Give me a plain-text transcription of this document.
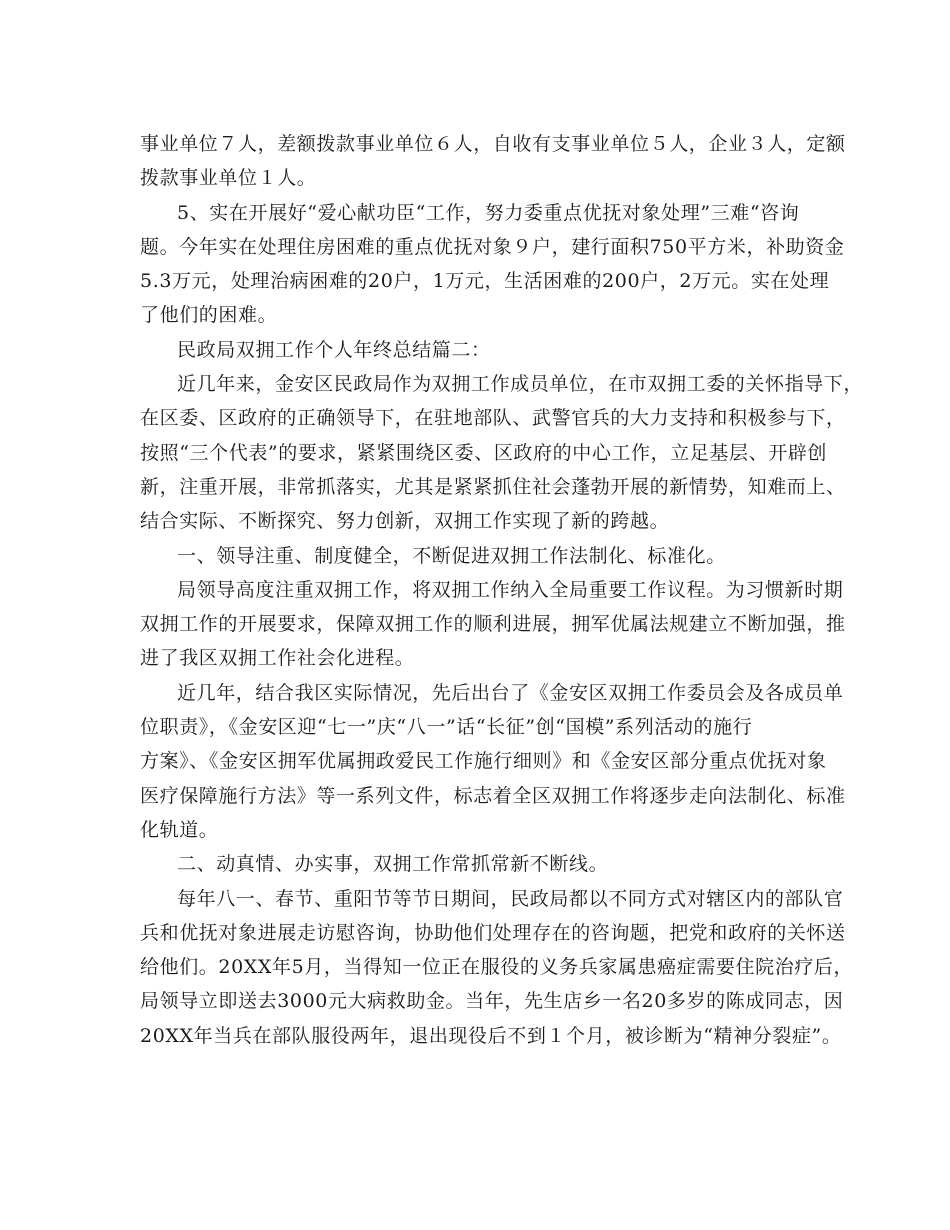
事业单位７人，差额拨款事业单位６人，自收有支事业单位５人，企业３人，定额
拨款事业单位１人。
5、实在开展好“爱心献功臣“工作，努力委重点优抚对象处理”三难“咨询
题。今年实在处理住房困难的重点优抚对象９户，建行面积750平方米，补助资金
5.3万元，处理治病困难的20户，1万元，生活困难的200户，2万元。实在处理
了他们的困难。
民政局双拥工作个人年终总结篇二：
近几年来，金安区民政局作为双拥工作成员单位，在市双拥工委的关怀指导下，
在区委、区政府的正确领导下，在驻地部队、武警官兵的大力支持和积极参与下，
按照“三个代表”的要求，紧紧围绕区委、区政府的中心工作，立足基层、开辟创
新，注重开展，非常抓落实，尤其是紧紧抓住社会蓬勃开展的新情势，知难而上、
结合实际、不断探究、努力创新，双拥工作实现了新的跨越。
一、领导注重、制度健全，不断促进双拥工作法制化、标准化。
局领导高度注重双拥工作，将双拥工作纳入全局重要工作议程。为习惯新时期
双拥工作的开展要求，保障双拥工作的顺利进展，拥军优属法规建立不断加强，推
进了我区双拥工作社会化进程。
近几年，结合我区实际情况，先后出台了《金安区双拥工作委员会及各成员单
位职责》，《金安区迎“七一”庆“八一”话“长征”创“国模”系列活动的施行
方案》、《金安区拥军优属拥政爱民工作施行细则》和《金安区部分重点优抚对象
医疗保障施行方法》等一系列文件，标志着全区双拥工作将逐步走向法制化、标准
化轨道。
二、动真情、办实事，双拥工作常抓常新不断线。
每年八一、春节、重阳节等节日期间，民政局都以不同方式对辖区内的部队官
兵和优抚对象进展走访慰咨询，协助他们处理存在的咨询题，把党和政府的关怀送
给他们。20XX年5月，当得知一位正在服役的义务兵家属患癌症需要住院治疗后，
局领导立即送去3000元大病救助金。当年，先生店乡一名20多岁的陈成同志，因
20XX年当兵在部队服役两年，退出现役后不到１个月，被诊断为“精神分裂症”。
